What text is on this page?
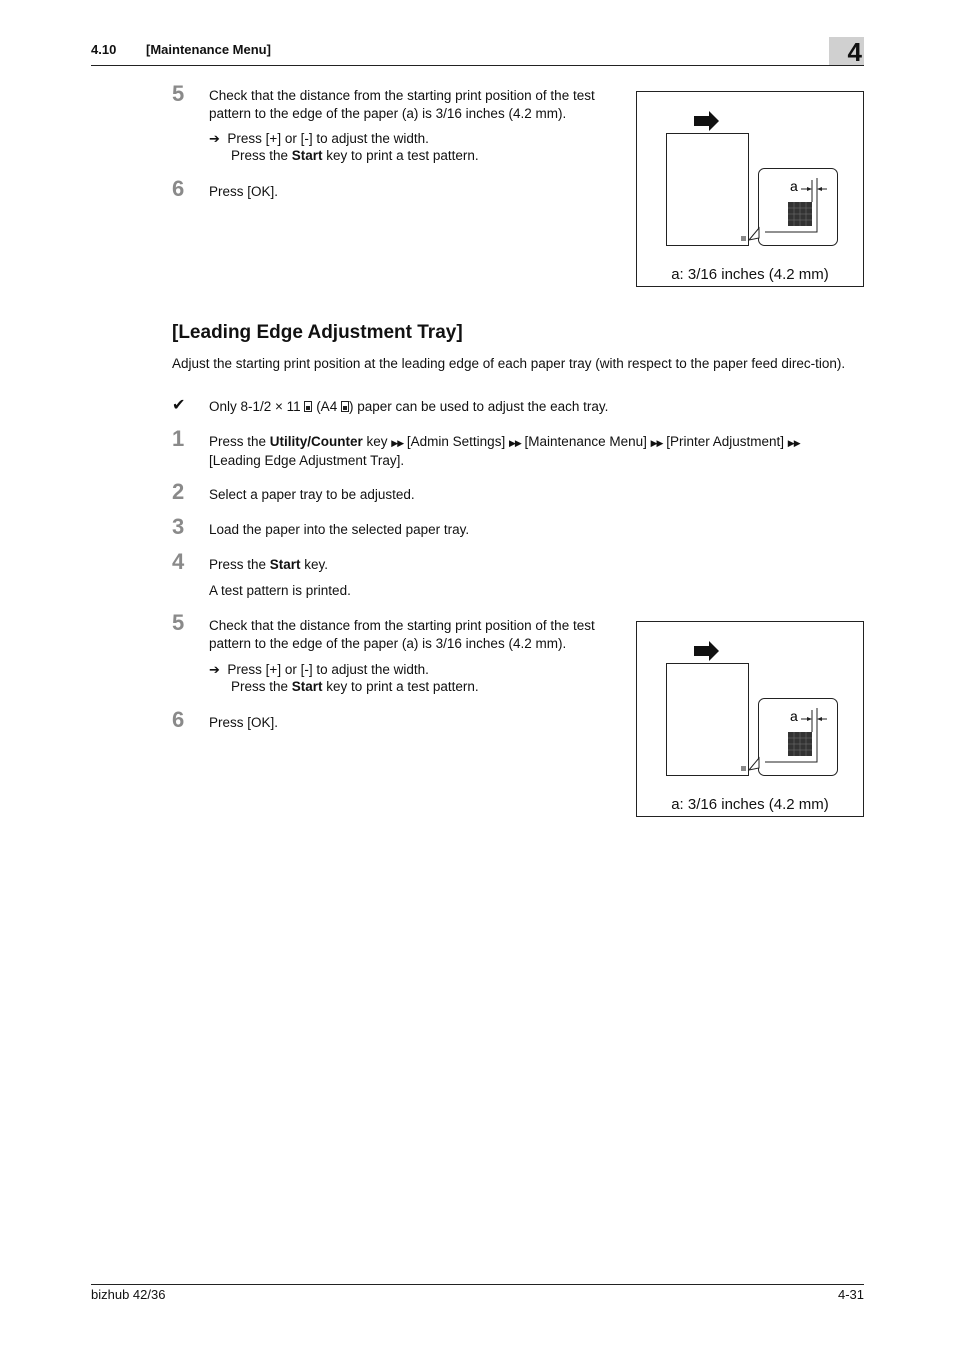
4.10 [Maintenance Menu]	4
5 Check that the distance from the starting print position of the test pattern to the edge of the paper (a) is 3/16 inches (4.2 mm).
➔ Press [+] or [-] to adjust the width.
Press the Start key to print a test pattern.
6 Press [OK].	a
a: 3/16 inches (4.2 mm)
[Leading Edge Adjustment Tray]
Adjust the starting print position at the leading edge of each paper tray (with respect to the paper feed direc-tion).
✔ Only 8-1/2 × 11  (A4 ) paper can be used to adjust the each tray.
1 Press the Utility/Counter key ▶▶ [Admin Settings] ▶▶ [Maintenance Menu] ▶▶ [Printer Adjustment] ▶▶
[Leading Edge Adjustment Tray].
2 Select a paper tray to be adjusted.
3 Load the paper into the selected paper tray.
4 Press the Start key.
A test pattern is printed.
5 Check that the distance from the starting print position of the test pattern to the edge of the paper (a) is 3/16 inches (4.2 mm).
➔ Press [+] or [-] to adjust the width.
Press the Start key to print a test pattern.
6 Press [OK].	a
a: 3/16 inches (4.2 mm)
bizhub 42/36	4-31
